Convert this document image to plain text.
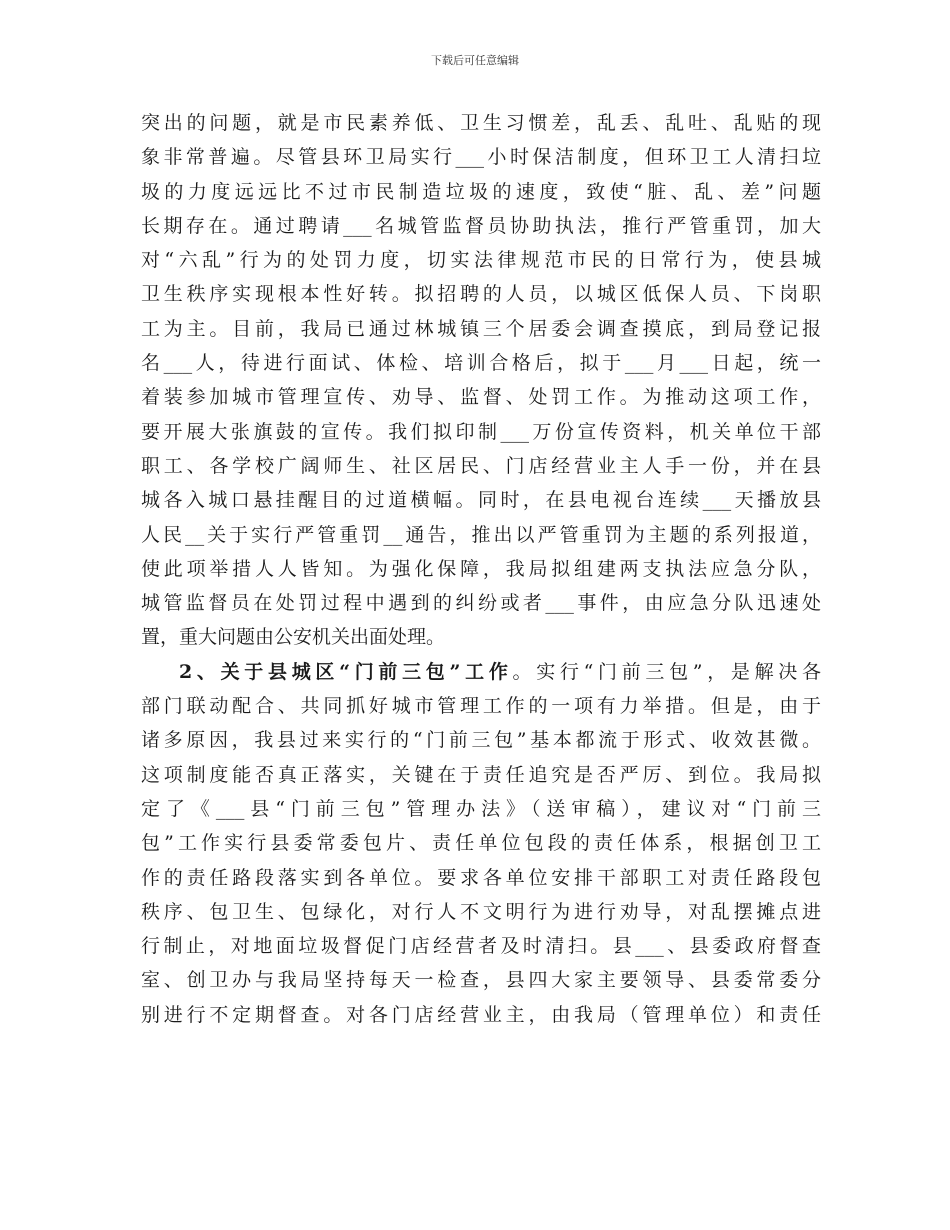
下载后可任意编辑
突出的问题，就是市民素养低、卫生习惯差，乱丢、乱吐、乱贴的现
象非常普遍。尽管县环卫局实行___小时保洁制度，但环卫工人清扫垃
圾的力度远远比不过市民制造垃圾的速度，致使“脏、乱、差”问题
长期存在。通过聘请___名城管监督员协助执法，推行严管重罚，加大
对“六乱”行为的处罚力度，切实法律规范市民的日常行为，使县城
卫生秩序实现根本性好转。拟招聘的人员，以城区低保人员、下岗职
工为主。目前，我局已通过林城镇三个居委会调查摸底，到局登记报
名___人，待进行面试、体检、培训合格后，拟于___月___日起，统一
着装参加城市管理宣传、劝导、监督、处罚工作。为推动这项工作，
要开展大张旗鼓的宣传。我们拟印制___万份宣传资料，机关单位干部
职工、各学校广阔师生、社区居民、门店经营业主人手一份，并在县
城各入城口悬挂醒目的过道横幅。同时，在县电视台连续___天播放县
人民__关于实行严管重罚__通告，推出以严管重罚为主题的系列报道，
使此项举措人人皆知。为强化保障，我局拟组建两支执法应急分队，
城管监督员在处罚过程中遇到的纠纷或者___事件，由应急分队迅速处
置，重大问题由公安机关出面处理。
2、关于县城区“门前三包”工作。实行“门前三包”，是解决各
部门联动配合、共同抓好城市管理工作的一项有力举措。但是，由于
诸多原因，我县过来实行的“门前三包”基本都流于形式、收效甚微。
这项制度能否真正落实，关键在于责任追究是否严厉、到位。我局拟
定了《___县“门前三包”管理办法》（送审稿），建议对“门前三
包”工作实行县委常委包片、责任单位包段的责任体系，根据创卫工
作的责任路段落实到各单位。要求各单位安排干部职工对责任路段包
秩序、包卫生、包绿化，对行人不文明行为进行劝导，对乱摆摊点进
行制止，对地面垃圾督促门店经营者及时清扫。县___、县委政府督查
室、创卫办与我局坚持每天一检查，县四大家主要领导、县委常委分
别进行不定期督查。对各门店经营业主，由我局（管理单位）和责任
